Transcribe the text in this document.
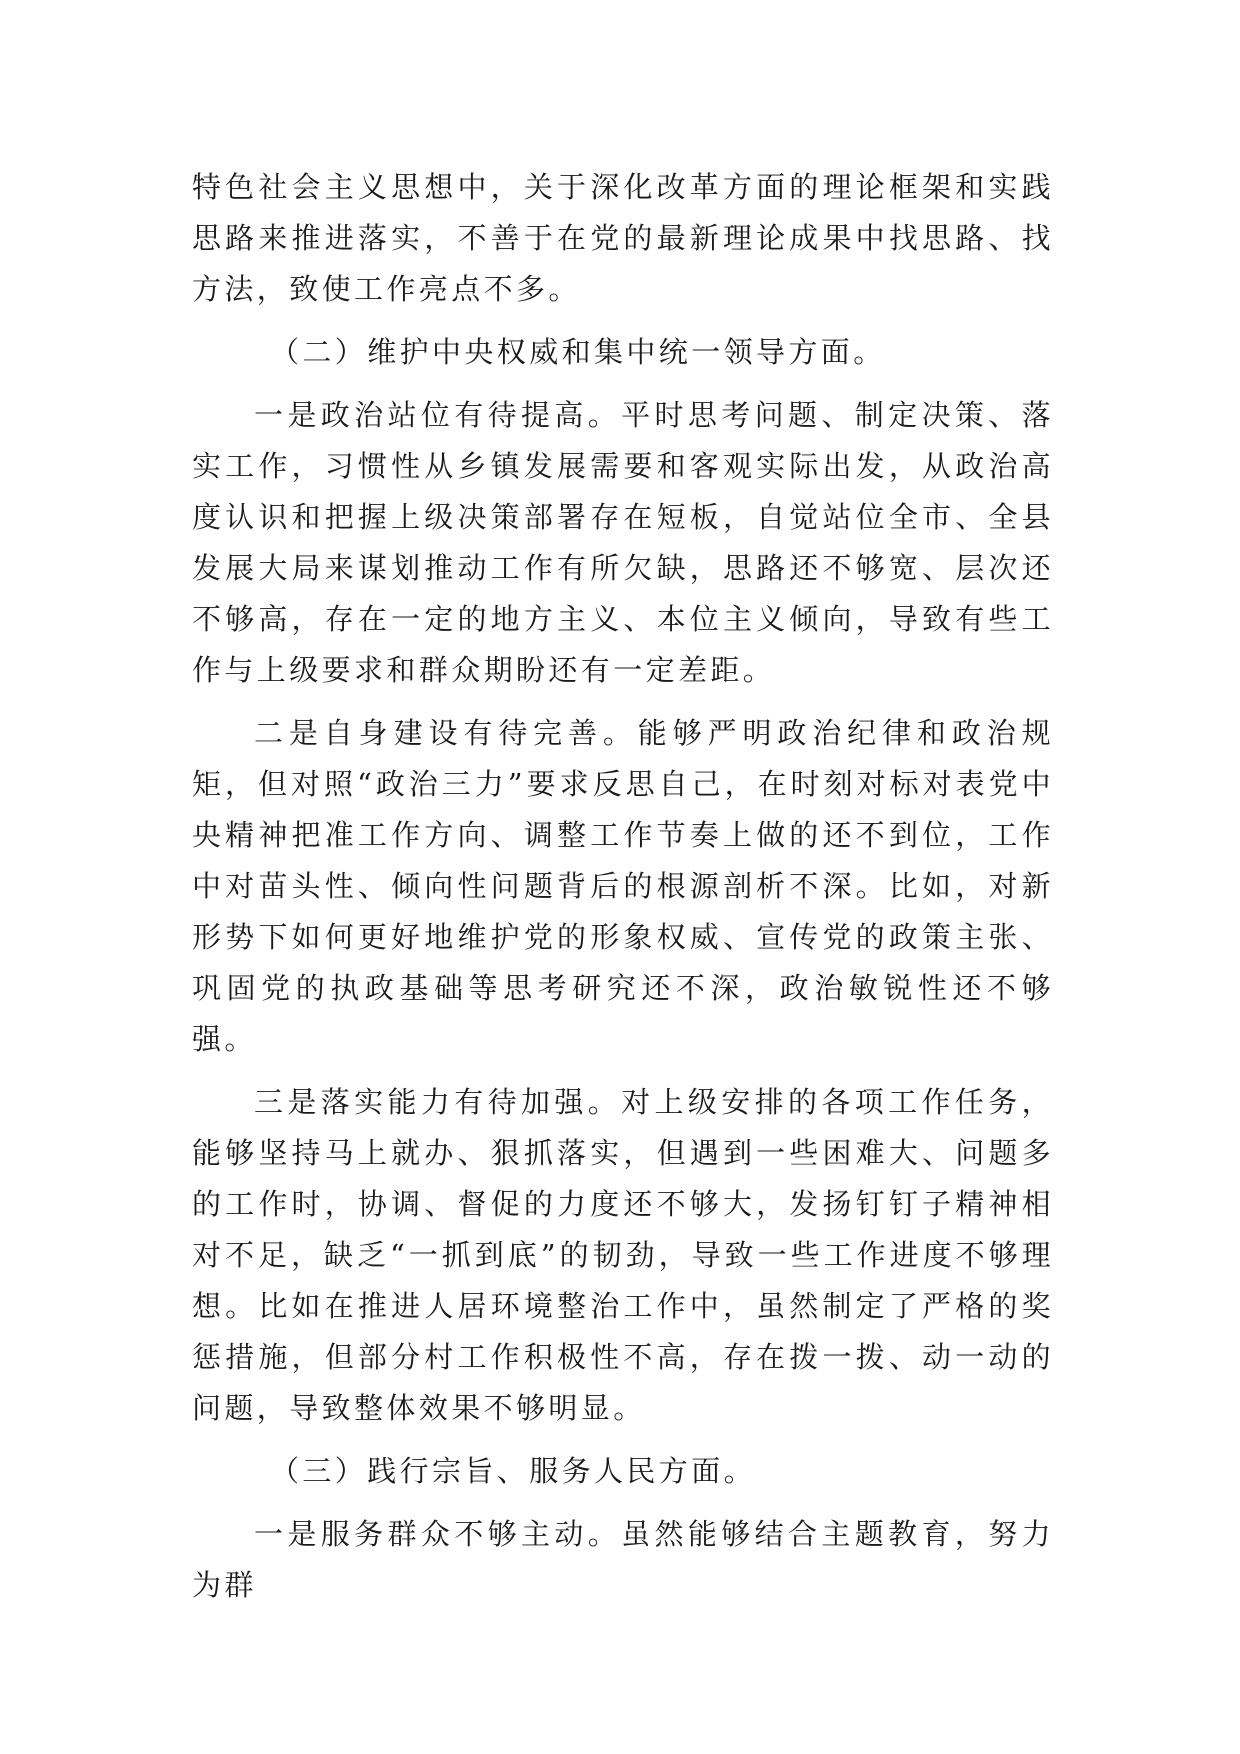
特色社会主义思想中，关于深化改革方面的理论框架和实践思路来推进落实，不善于在党的最新理论成果中找思路、找方法，致使工作亮点不多。

（二）维护中央权威和集中统一领导方面。

一是政治站位有待提高。平时思考问题、制定决策、落实工作，习惯性从乡镇发展需要和客观实际出发，从政治高度认识和把握上级决策部署存在短板，自觉站位全市、全县发展大局来谋划推动工作有所欠缺，思路还不够宽、层次还不够高，存在一定的地方主义、本位主义倾向，导致有些工作与上级要求和群众期盼还有一定差距。

二是自身建设有待完善。能够严明政治纪律和政治规矩，但对照“政治三力”要求反思自己，在时刻对标对表党中央精神把准工作方向、调整工作节奏上做的还不到位，工作中对苗头性、倾向性问题背后的根源剖析不深。比如，对新形势下如何更好地维护党的形象权威、宣传党的政策主张、巩固党的执政基础等思考研究还不深，政治敏锐性还不够强。

三是落实能力有待加强。对上级安排的各项工作任务，能够坚持马上就办、狠抓落实，但遇到一些困难大、问题多的工作时，协调、督促的力度还不够大，发扬钉钉子精神相对不足，缺乏“一抓到底”的韧劲，导致一些工作进度不够理想。比如在推进人居环境整治工作中，虽然制定了严格的奖惩措施，但部分村工作积极性不高，存在拨一拨、动一动的问题，导致整体效果不够明显。

（三）践行宗旨、服务人民方面。

一是服务群众不够主动。虽然能够结合主题教育，努力为群
